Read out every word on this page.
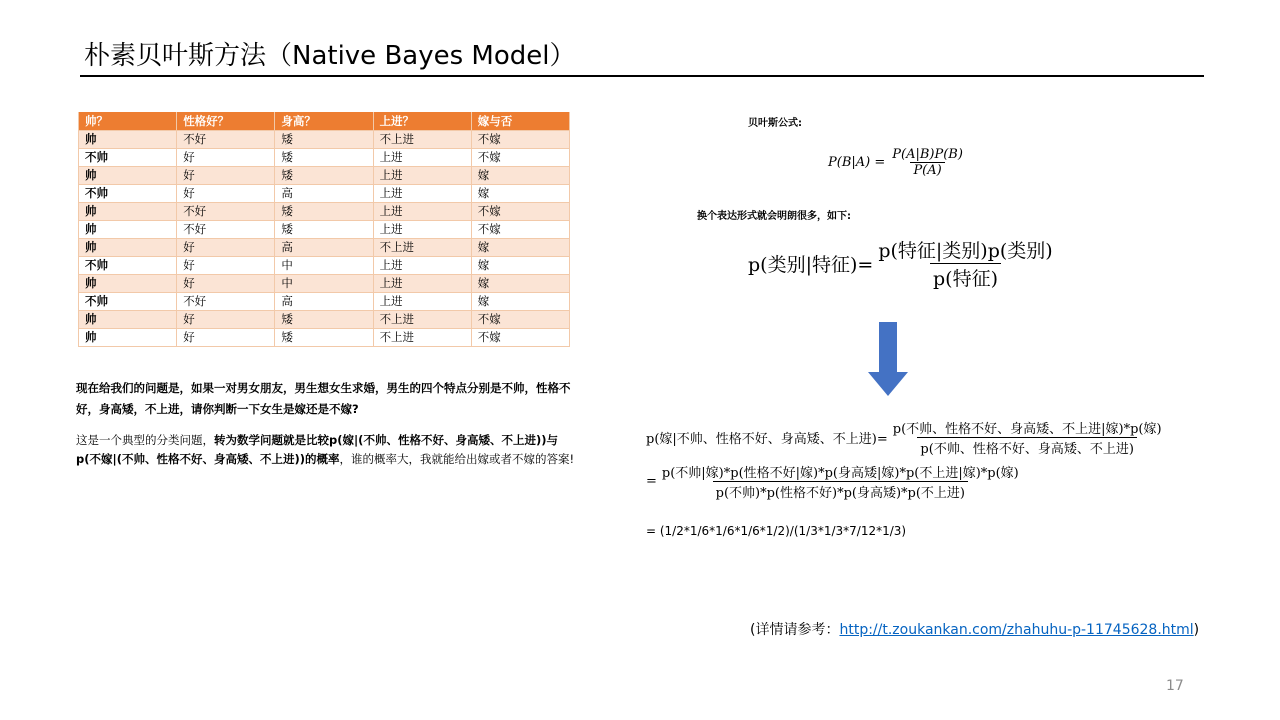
朴素贝叶斯方法（Native Bayes Model）
帅？	性格好？	身高？	上进？	嫁与否
帅	不好	矮	不上进	不嫁
不帅	好	矮	上进	不嫁
帅	好	矮	上进	嫁
不帅	好	高	上进	嫁
帅	不好	矮	上进	不嫁
帅	不好	矮	上进	不嫁
帅	好	高	不上进	嫁
不帅	好	中	上进	嫁
帅	好	中	上进	嫁
不帅	不好	高	上进	嫁
帅	好	矮	不上进	不嫁
帅	好	矮	不上进	不嫁
现在给我们的问题是，如果一对男女朋友，男生想女生求婚，男生的四个特点分别是不帅，性格不好，身高矮，不上进，请你判断一下女生是嫁还是不嫁?
这是一个典型的分类问题，转为数学问题就是比较p(嫁|(不帅、性格不好、身高矮、不上进))与p(不嫁|(不帅、性格不好、身高矮、不上进))的概率，谁的概率大，我就能给出嫁或者不嫁的答案!
贝叶斯公式:
$P(B|A) = \frac{P(A|B)P(B)}{P(A)}$
换个表达形式就会明朗很多，如下:
p(类别|特征)= $\frac{\text{p(特征|类别)p(类别)}}{\text{p(特征)}}$
p(嫁|不帅、性格不好、身高矮、不上进)= $\frac{\text{p(不帅、性格不好、身高矮、不上进|嫁)*p(嫁)}}{\text{p(不帅、性格不好、身高矮、不上进)}}$
= $\frac{\text{p(不帅|嫁)*p(性格不好|嫁)*p(身高矮|嫁)*p(不上进|嫁)*p(嫁)}}{\text{p(不帅)*p(性格不好)*p(身高矮)*p(不上进)}}$
= (1/2*1/6*1/6*1/6*1/2)/(1/3*1/3*7/12*1/3)
(详情请参考：http://t.zoukankan.com/zhahuhu-p-11745628.html)
17
